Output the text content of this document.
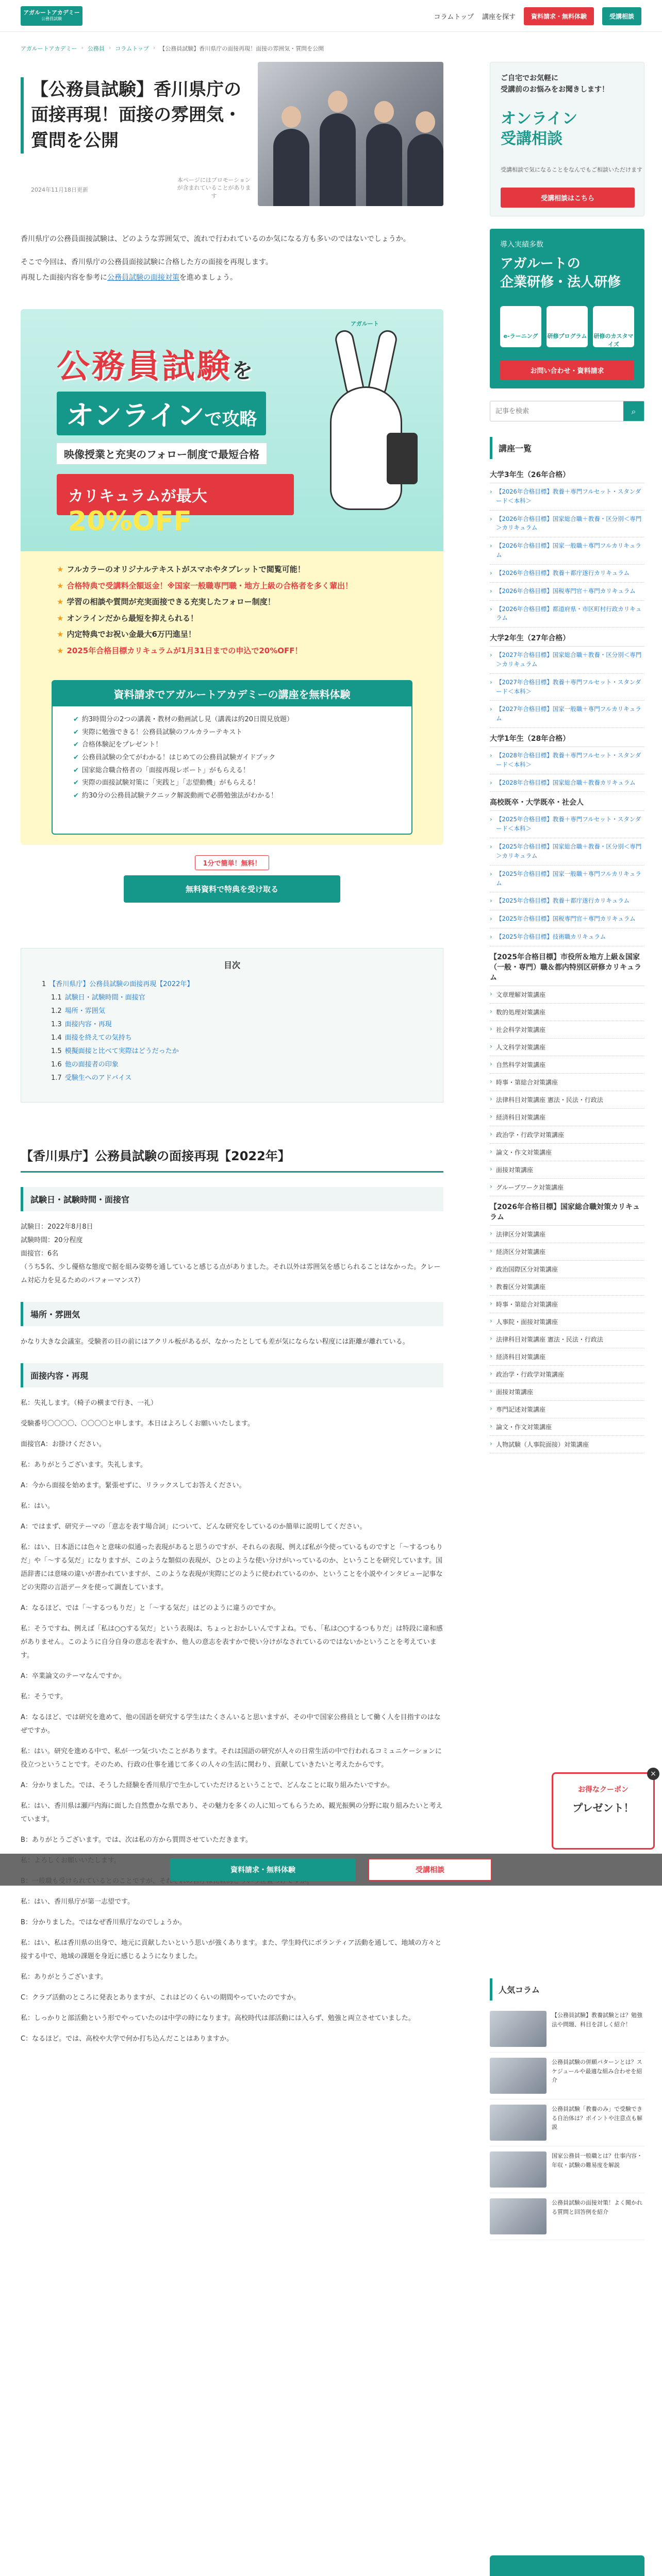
アガルートアカデミー
公務員試験	コラムトップ 講座を探す	資料請求・無料体験	受講相談
アガルートアカデミー › 公務員 › コラムトップ › 【公務員試験】香川県庁の面接再現！面接の雰囲気・質問を公開
【公務員試験】香川県庁の面接再現！面接の雰囲気・質問を公開
2024年11月18日更新
本ページにはプロモーションが含まれていることがあります

香川県庁の公務員面接試験は、どのような雰囲気で、流れで行われているのか気になる方も多いのではないでしょうか。

そこで今回は、香川県庁の公務員面接試験に合格した方の面接を再現します。
再現した面接内容を参考に公務員試験の面接対策を進めましょう。

アガルート
公務員試験を
オンラインで攻略
映像授業と充実のフォロー制度で最短合格
カリキュラムが最大 20%OFF
★ フルカラーのオリジナルテキストがスマホやタブレットで閲覧可能！
★ 合格特典で受講料全額返金！※国家一般職専門職・地方上級の合格者を多く輩出！
★ 学習の相談や質問が充実面接できる充実したフォロー制度！
★ オンラインだから最短を抑えられる！
★ 内定特典でお祝い金最大6万円進呈！
★ 2025年合格目標カリキュラムが1月31日までの申込で20%OFF！
資料請求でアガルートアカデミーの講座を無料体験
✔ 約3時間分の2つの講義・教材の動画試し見（講義は約20日間見放題）
✔ 実際に勉強できる！公務員試験のフルカラーテキスト
✔ 合格体験記をプレゼント！
✔ 公務員試験の全てがわかる！はじめての公務員試験ガイドブック
✔ 国家総合職合格者の「面接再現レポート」がもらえる！
✔ 実際の面接試験対策に「実践と」「志望動機」がもらえる！
✔ 約30分の公務員試験テクニック解説動画で必勝勉強法がわかる！
1分で簡単！無料！
無料資料で特典を受け取る
目次
1 【香川県庁】公務員試験の面接再現【2022年】
1.1 試験日・試験時間・面接官
1.2 場所・雰囲気
1.3 面接内容・再現
1.4 面接を終えての気持ち
1.5 模擬面接と比べて実際はどうだったか
1.6 他の面接者の印象
1.7 受験生へのアドバイス
【香川県庁】公務員試験の面接再現【2022年】
試験日・試験時間・面接官

試験日：2022年8月8日
試験時間：20分程度
面接官：6名
（うち5名、少し優格な態度で据を組み姿勢を通していると感じる点がありました。それ以外は雰囲気を感じられることはなかった。クレーム対応力を見るためのパフォーマンス?）

場所・雰囲気

かなり大きな会議室。受験者の目の前にはアクリル板があるが、なかったとしても差が気にならない程度には距離が離れている。

面接内容・再現

私：失礼します。（椅子の横まで行き、一礼）

受験番号〇〇〇〇、〇〇〇〇と申します。本日はよろしくお願いいたします。

面接官A：お掛けください。

私：ありがとうございます。失礼します。

A：今から面接を始めます。緊張せずに、リラックスしてお答えください。

私：はい。

A：ではまず、研究テーマの「意志を表す場合詞」について、どんな研究をしているのか簡単に説明してください。

私：はい、日本語には色々と意味の似通った表現があると思うのですが、それらの表現、例えば私が今使っているものですと「～するつもりだ」や「～する気だ」になりますが、このような類似の表現が、ひとのような使い分けがいっているのか、ということを研究しています。国語辞書には意味の違いが書かれていますが、このような表現が実際にどのように使われているのか、ということを小説やインタビュー記事などの実際の言語データを使って調査しています。

A：なるほど、では「～するつもりだ」と「～する気だ」はどのように違うのですか。

私：そうですね、例えば「私は○○する気だ」という表現は、ちょっとおかしいんですよね。でも、「私は○○するつもりだ」は特段に違和感がありません。このように自分自身の意志を表すか、他人の意志を表すかで使い分けがなされているのではないかということを考えています。

A：卒業論文のテーマなんですか。

私：そうです。

A：なるほど、では研究を進めて、他の国語を研究する学生はたくさんいると思いますが、その中で国家公務員として働く人を目指すのはなぜですか。

私：はい。研究を進める中で、私が一つ気づいたことがあります。それは国語の研究が人々の日常生活の中で行われるコミュニケーションに役立つということです。そのため、行政の仕事を通じて多くの人々の生活に関わり、貢献していきたいと考えたからです。

A：分かりました。では、そうした経験を香川県庁で生かしていただけるということで、どんなことに取り組みたいですか。

私：はい、香川県は瀬戸内海に面した自然豊かな県であり、その魅力を多くの人に知ってもらうため、観光振興の分野に取り組みたいと考えています。

B：ありがとうございます。では、次は私の方から質問させていただきます。

私：はい、香川県庁が第一志望です。

B：分かりました。ではなぜ香川県庁なのでしょうか。

私：はい、私は香川県の出身で、地元に貢献したいという思いが強くあります。また、学生時代にボランティア活動を通して、地域の方々と接する中で、地域の課題を身近に感じるようになりました。

私：ありがとうございます。

C：クラブ活動のところに発表とありますが、これはどのくらいの期間やっていたのですか。

私：しっかりと部活動という形でやっていたのは中学の時になります。高校時代は部活動には入らず、勉強と両立させていました。

C：なるほど。では、高校や大学で何か打ち込んだことはありますか。

ご自宅でお気軽に
受講前のお悩みをお聞きします！
オンライン
受講相談
受講相談で気になることをなんでもご相談いただけます
受講相談はこちら
導入実績多数
アガルートの
企業研修・法人研修
e-ラーニング	研修プログラム 研修のカスタマイズ
お問い合わせ・資料請求
記事を検索
⌕
講座一覧
大学3年生（26年合格）
› 【2026年合格目標】教養＋専門フルセット・スタンダード＜本科＞
› 【2026年合格目標】国家総合職＋教養・区分別＜専門＞カリキュラム
› 【2026年合格目標】国家一般職＋専門フルカリキュラム
› 【2026年合格目標】教養＋都庁遂行カリキュラム
› 【2026年合格目標】国税専門官＋専門カリキュラム
› 【2026年合格目標】都道府県・市区町村行政カリキュラム
大学2年生（27年合格）
› 【2027年合格目標】国家総合職＋教養・区分別＜専門＞カリキュラム
› 【2027年合格目標】教養＋専門フルセット・スタンダード＜本科＞
› 【2027年合格目標】国家一般職＋専門フルカリキュラム
大学1年生（28年合格）
› 【2028年合格目標】教養＋専門フルセット・スタンダード＜本科＞
› 【2028年合格目標】国家総合職＋教養カリキュラム
高校既卒・大学既卒・社会人
› 【2025年合格目標】教養＋専門フルセット・スタンダード＜本科＞
› 【2025年合格目標】国家総合職＋教養・区分別＜専門＞カリキュラム
› 【2025年合格目標】国家一般職＋専門フルカリキュラム
› 【2025年合格目標】教養＋都庁遂行カリキュラム
› 【2025年合格目標】国税専門官＋専門カリキュラム
› 【2025年合格目標】技術職カリキュラム
【2025年合格目標】市役所＆地方上級＆国家（一般・専門）職＆都内特別区研修カリキュラム
› 文章理解対策講座
› 数的処理対策講座
› 社会科学対策講座
› 人文科学対策講座
› 自然科学対策講座
› 時事・第総合対策講座
› 法律科目対策講座 憲法・民法・行政法
› 経済科目対策講座
› 政治学・行政学対策講座
› 論文・作文対策講座
› 面接対策講座
› グループワーク対策講座
【2026年合格目標】国家総合職対策カリキュラム
› 法律区分対策講座
› 経済区分対策講座
› 政治国際区分対策講座
› 教養区分対策講座
› 時事・第総合対策講座
› 人事院・面接対策講座
› 法律科目対策講座 憲法・民法・行政法
› 経済科目対策講座
› 政治学・行政学対策講座
› 面接対策講座
› 専門記述対策講座
› 論文・作文対策講座
› 人物試験（人事院面接）対策講座
人気コラム
【公務員試験】教養試験とは？勉強法や問題、科目を詳しく紹介！
公務員試験の併願パターンとは？スケジュールや最適な組み合わせを紹介
公務員試験「教養のみ」で受験できる自治体は？ポイントや注意点も解説
国家公務員一般職とは？仕事内容・年収・試験の難易度を解説
公務員試験の面接対策！よく聞かれる質問と回答例を紹介
×
お得なクーポン
プレゼント！
資料請求・無料体験	受講相談
